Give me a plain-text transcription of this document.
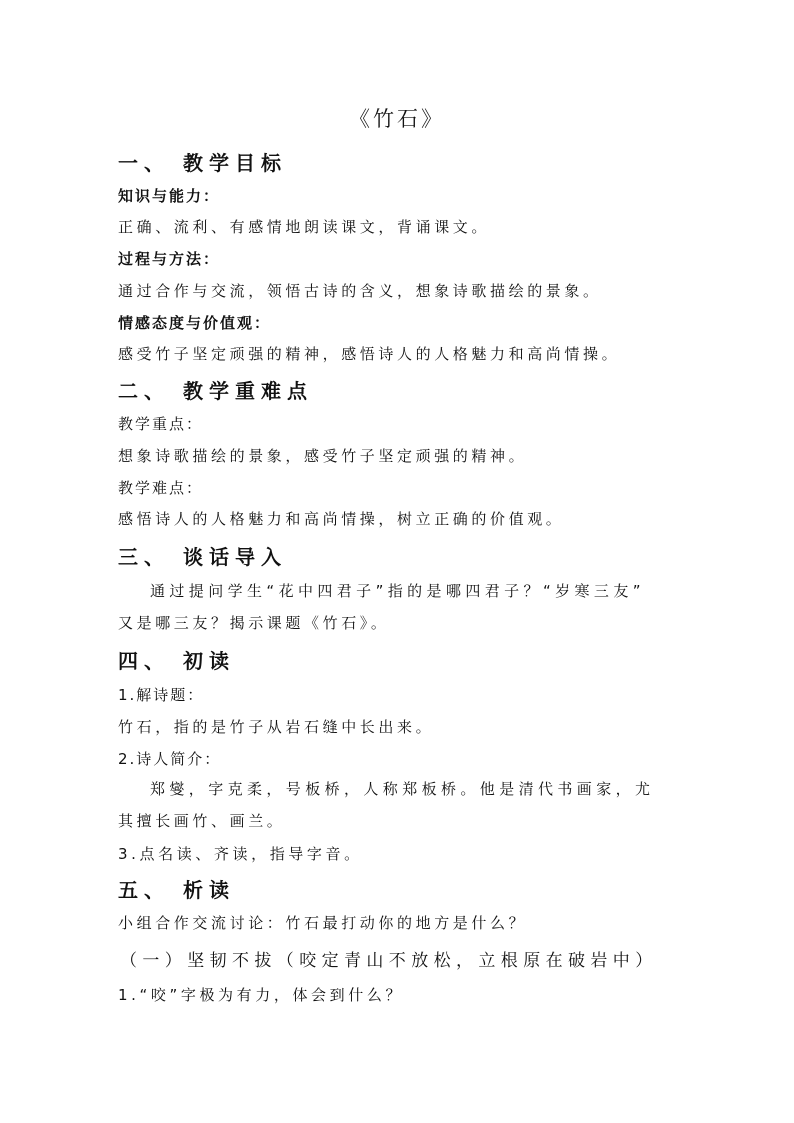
《竹石》
一、 教学目标
知识与能力：
正确、流利、有感情地朗读课文，背诵课文。
过程与方法：
通过合作与交流，领悟古诗的含义，想象诗歌描绘的景象。
情感态度与价值观：
感受竹子坚定顽强的精神，感悟诗人的人格魅力和高尚情操。
二、 教学重难点
教学重点：
想象诗歌描绘的景象，感受竹子坚定顽强的精神。
教学难点：
感悟诗人的人格魅力和高尚情操，树立正确的价值观。
三、 谈话导入
通过提问学生“花中四君子”指的是哪四君子？“岁寒三友”
又是哪三友？揭示课题《竹石》。
四、 初读
1.解诗题：
竹石，指的是竹子从岩石缝中长出来。
2.诗人简介：
郑燮，字克柔，号板桥，人称郑板桥。他是清代书画家，尤
其擅长画竹、画兰。
3.点名读、齐读，指导字音。
五、 析读
小组合作交流讨论：竹石最打动你的地方是什么？
（一）坚韧不拔（咬定青山不放松，立根原在破岩中）
1.“咬”字极为有力，体会到什么？
